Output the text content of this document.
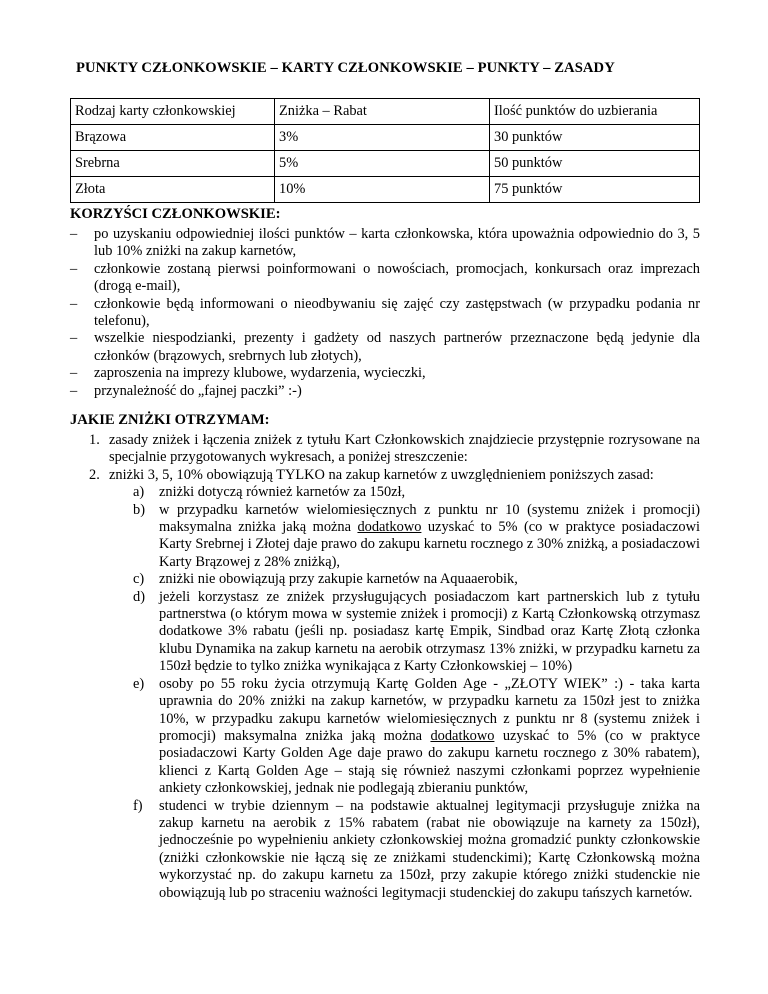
PUNKTY CZŁONKOWSKIE – KARTY CZŁONKOWSKIE – PUNKTY – ZASADY
Rodzaj karty członkowskiej	Zniżka – Rabat	Ilość punktów do uzbierania
Brązowa	3%	30 punktów
Srebrna	5%	50 punktów
Złota	10%	75 punktów
KORZYŚCI CZŁONKOWSKIE:
– po uzyskaniu odpowiedniej ilości punktów – karta członkowska, która upoważnia odpowiednio do 3, 5 lub 10% zniżki na zakup karnetów,
– członkowie zostaną pierwsi poinformowani o nowościach, promocjach, konkursach oraz imprezach (drogą e-mail),
– członkowie będą informowani o nieodbywaniu się zajęć czy zastępstwach (w przypadku podania nr telefonu),
– wszelkie niespodzianki, prezenty i gadżety od naszych partnerów przeznaczone będą jedynie dla członków (brązowych, srebrnych lub złotych),
– zaproszenia na imprezy klubowe, wydarzenia, wycieczki,
– przynależność do „fajnej paczki” :-)
JAKIE ZNIŻKI OTRZYMAM:
1. zasady zniżek i łączenia zniżek z tytułu Kart Członkowskich znajdziecie przystępnie rozrysowane na specjalnie przygotowanych wykresach, a poniżej streszczenie:
2. zniżki 3, 5, 10% obowiązują TYLKO na zakup karnetów z uwzględnieniem poniższych zasad:
a) zniżki dotyczą również karnetów za 150zł,
b) w przypadku karnetów wielomiesięcznych z punktu nr 10 (systemu zniżek i promocji) maksymalna zniżka jaką można dodatkowo uzyskać to 5% (co w praktyce posiadaczowi Karty Srebrnej i Złotej daje prawo do zakupu karnetu rocznego z 30% zniżką, a posiadaczowi Karty Brązowej z 28% zniżką),
c) zniżki nie obowiązują przy zakupie karnetów na Aquaaerobik,
d) jeżeli korzystasz ze zniżek przysługujących posiadaczom kart partnerskich lub z tytułu partnerstwa (o którym mowa w systemie zniżek i promocji) z Kartą Członkowską otrzymasz dodatkowe 3% rabatu (jeśli np. posiadasz kartę Empik, Sindbad oraz Kartę Złotą członka klubu Dynamika na zakup karnetu na aerobik otrzymasz 13% zniżki, w przypadku karnetu za 150zł będzie to tylko zniżka wynikająca z Karty Członkowskiej – 10%)
e) osoby po 55 roku życia otrzymują Kartę Golden Age - „ZŁOTY WIEK” :) - taka karta uprawnia do 20% zniżki na zakup karnetów, w przypadku karnetu za 150zł jest to zniżka 10%, w przypadku zakupu karnetów wielomiesięcznych z punktu nr 8 (systemu zniżek i promocji) maksymalna zniżka jaką można dodatkowo uzyskać to 5% (co w praktyce posiadaczowi Karty Golden Age daje prawo do zakupu karnetu rocznego z 30% rabatem), klienci z Kartą Golden Age – stają się również naszymi członkami poprzez wypełnienie ankiety członkowskiej, jednak nie podlegają zbieraniu punktów,
f) studenci w trybie dziennym – na podstawie aktualnej legitymacji przysługuje zniżka na zakup karnetu na aerobik z 15% rabatem (rabat nie obowiązuje na karnety za 150zł), jednocześnie po wypełnieniu ankiety członkowskiej można gromadzić punkty członkowskie (zniżki członkowskie nie łączą się ze zniżkami studenckimi); Kartę Członkowską można wykorzystać np. do zakupu karnetu za 150zł, przy zakupie którego zniżki studenckie nie obowiązują lub po straceniu ważności legitymacji studenckiej do zakupu tańszych karnetów.
